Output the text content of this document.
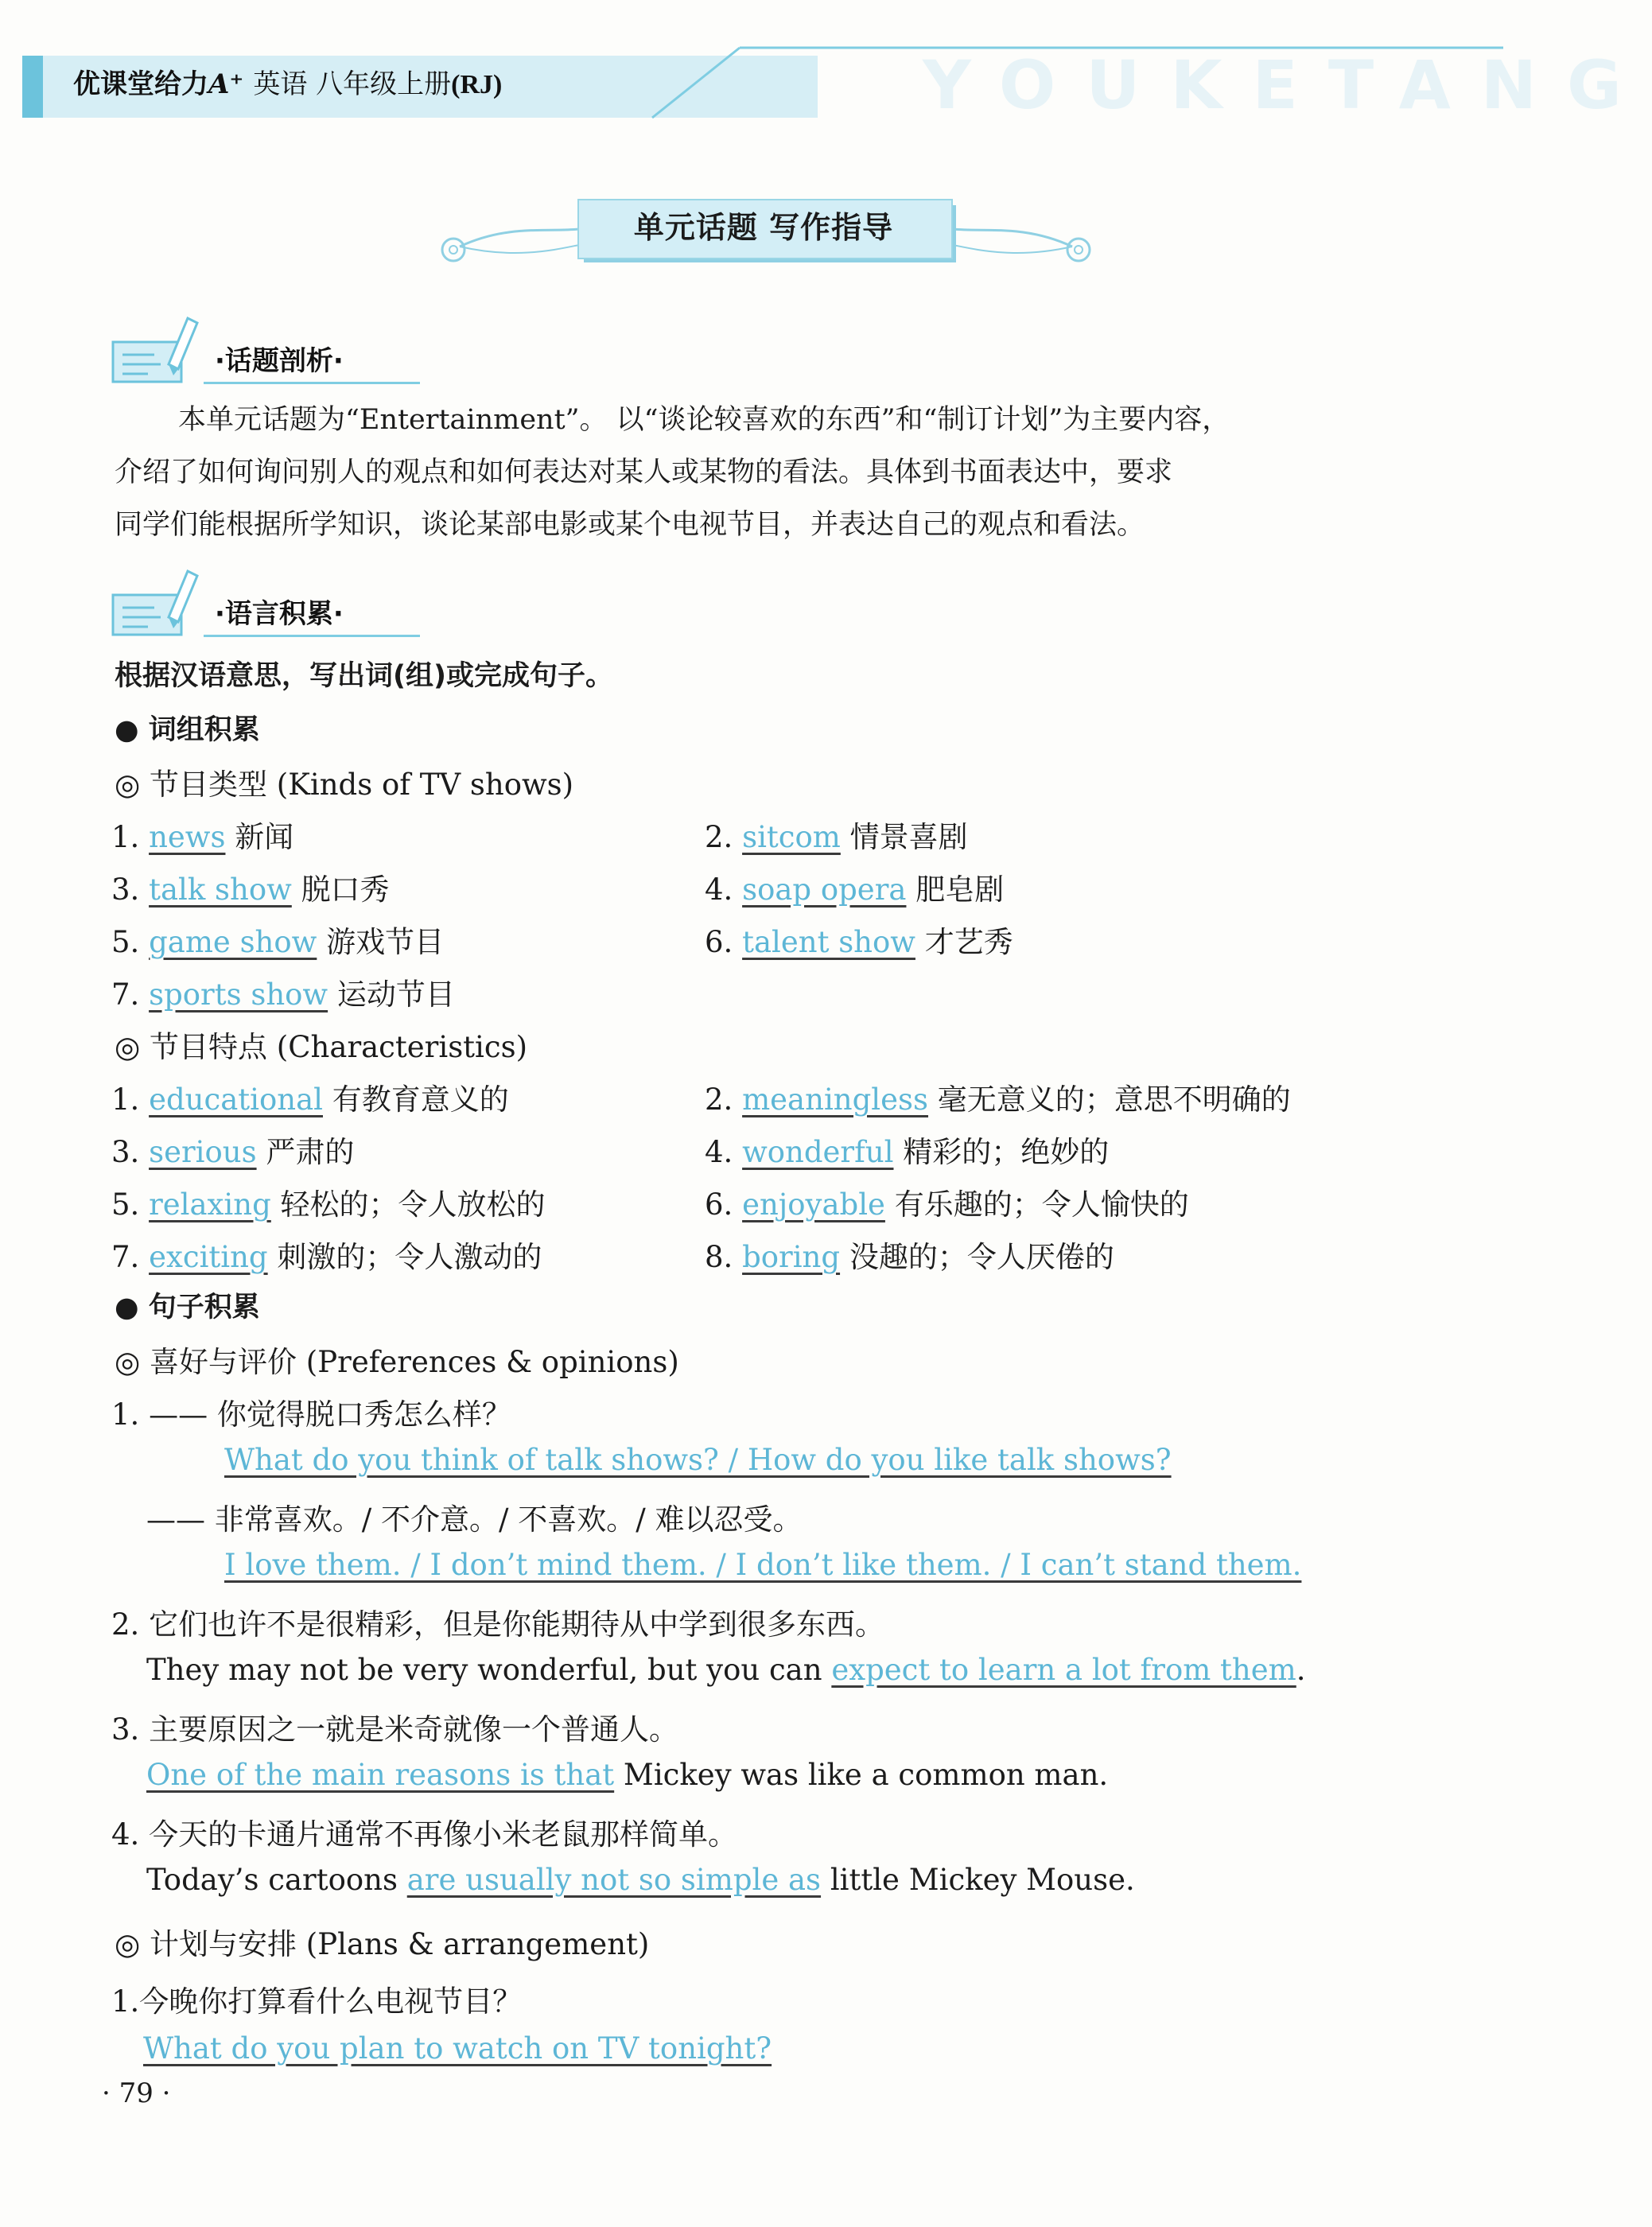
YOUKETANG
优课堂给力A⁺ 英语 八年级上册(RJ)
单元话题 写作指导
·话题剖析·
本单元话题为“Entertainment”。 以“谈论较喜欢的东西”和“制订计划”为主要内容，
介绍了如何询问别人的观点和如何表达对某人或某物的看法。具体到书面表达中，要求
同学们能根据所学知识，谈论某部电影或某个电视节目，并表达自己的观点和看法。
·语言积累·
根据汉语意思，写出词(组)或完成句子。
● 词组积累
◎ 节目类型 (Kinds of TV shows)
1. news 新闻	2. sitcom 情景喜剧
3. talk show 脱口秀	4. soap opera 肥皂剧
5. game show 游戏节目	6. talent show 才艺秀
7. sports show 运动节目
◎ 节目特点 (Characteristics)
1. educational 有教育意义的	2. meaningless 毫无意义的；意思不明确的
3. serious 严肃的	4. wonderful 精彩的；绝妙的
5. relaxing 轻松的；令人放松的	6. enjoyable 有乐趣的；令人愉快的
7. exciting 刺激的；令人激动的	8. boring 没趣的；令人厌倦的
● 句子积累
◎ 喜好与评价 (Preferences & opinions)
1. —— 你觉得脱口秀怎么样？
What do you think of talk shows? / How do you like talk shows?
—— 非常喜欢。/ 不介意。/ 不喜欢。/ 难以忍受。
I love them. / I don’t mind them. / I don’t like them. / I can’t stand them.
2. 它们也许不是很精彩，但是你能期待从中学到很多东西。
They may not be very wonderful, but you can expect to learn a lot from them.
3. 主要原因之一就是米奇就像一个普通人。
One of the main reasons is that Mickey was like a common man.
4. 今天的卡通片通常不再像小米老鼠那样简单。
Today’s cartoons are usually not so simple as little Mickey Mouse.
◎ 计划与安排 (Plans & arrangement)
1.今晚你打算看什么电视节目？
What do you plan to watch on TV tonight?
· 79 ·
